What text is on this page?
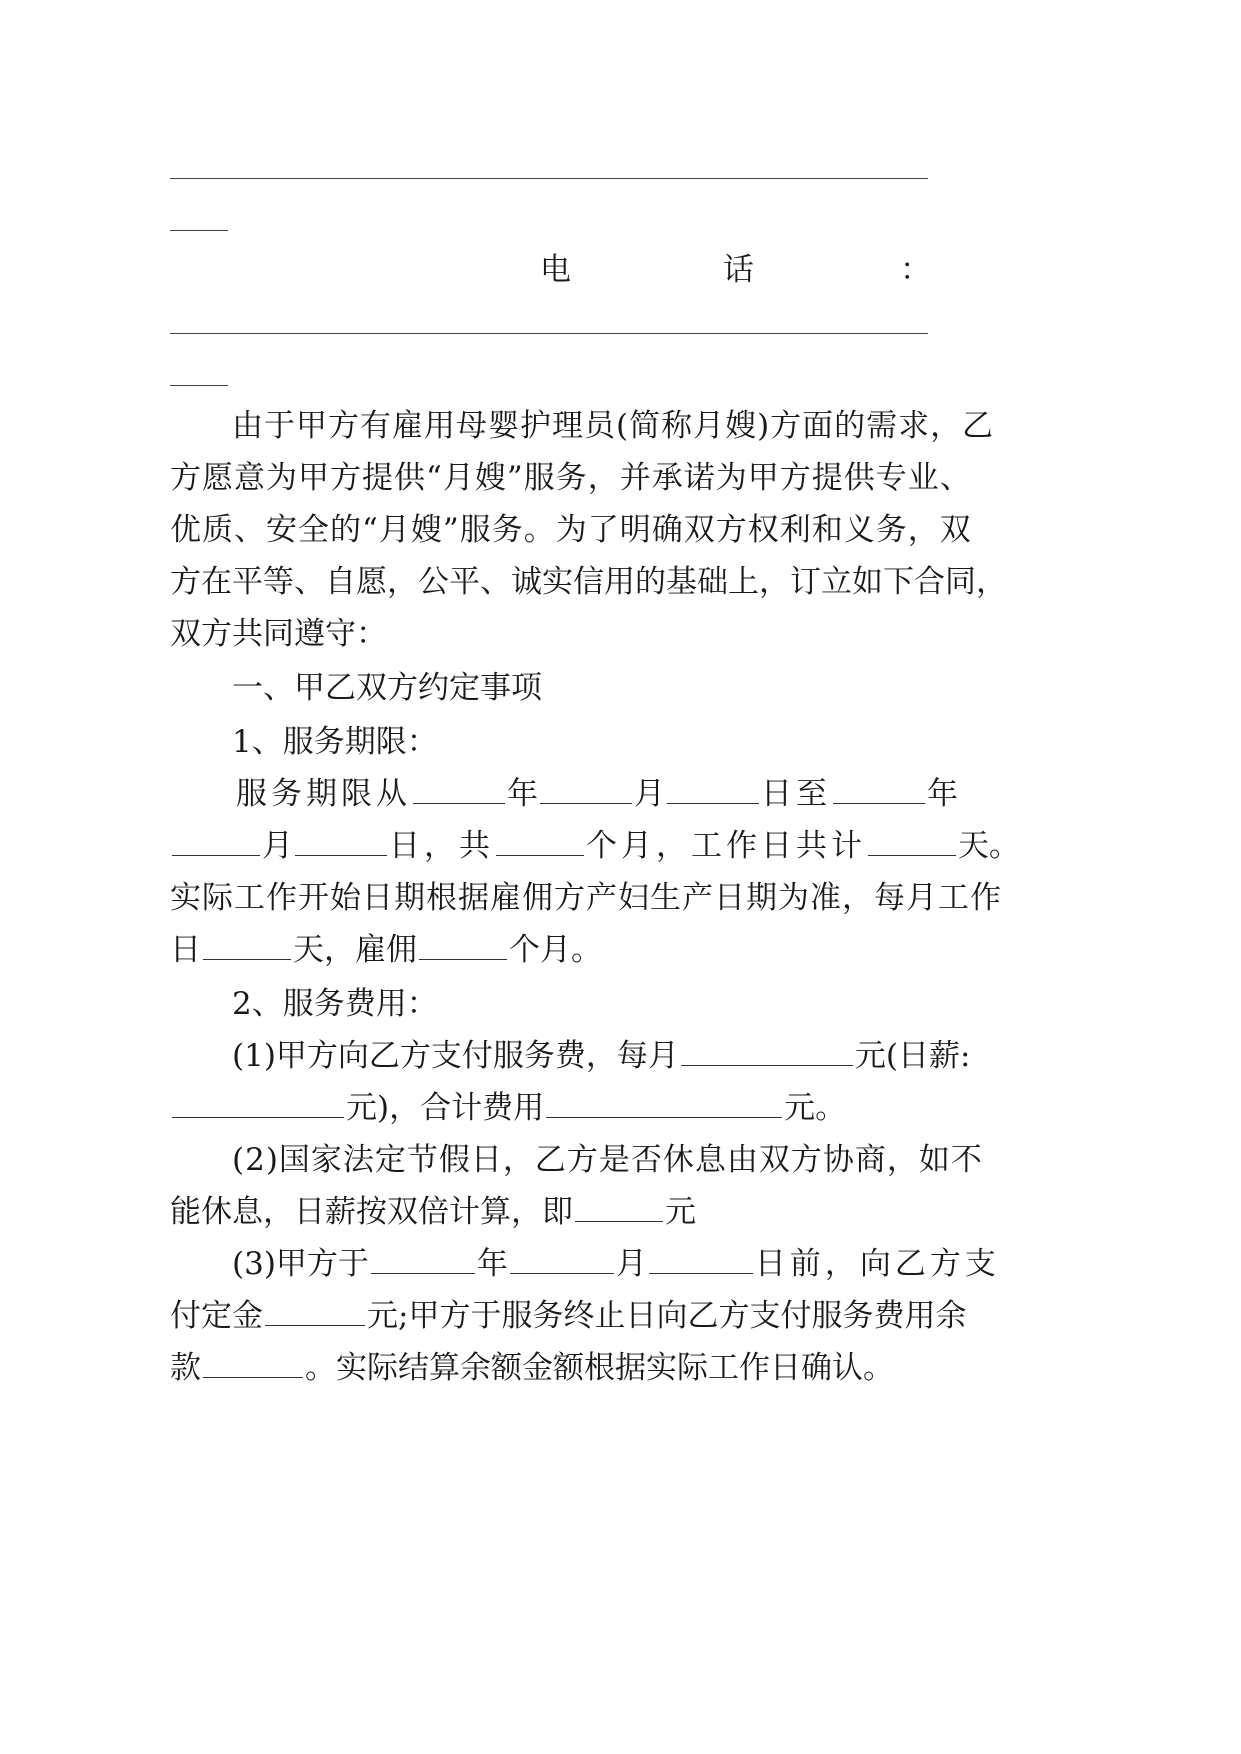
电	话	：
由于甲方有雇用母婴护理员(简称月嫂)方面的需求，乙
方愿意为甲方提供“月嫂”服务，并承诺为甲方提供专业、
优质、安全的“月嫂”服务。为了明确双方权利和义务，双
方在平等、自愿，公平、诚实信用的基础上，订立如下合同，
双方共同遵守：
一、甲乙双方约定事项
1、服务期限：
服务期限从	年	月	日至	年
月	日，共	个月，工作日共计	天。
实际工作开始日期根据雇佣方产妇生产日期为准，每月工作
日	天，雇佣	个月。
2、服务费用：
(1)甲方向乙方支付服务费，每月	元(日薪:
元)，合计费用	元。
(2)国家法定节假日，乙方是否休息由双方协商，如不
能休息，日薪按双倍计算，即	元
(3)甲方于	年	月	日前，向乙方支
付定金	元;甲方于服务终止日向乙方支付服务费用余
款	。实际结算余额金额根据实际工作日确认。
